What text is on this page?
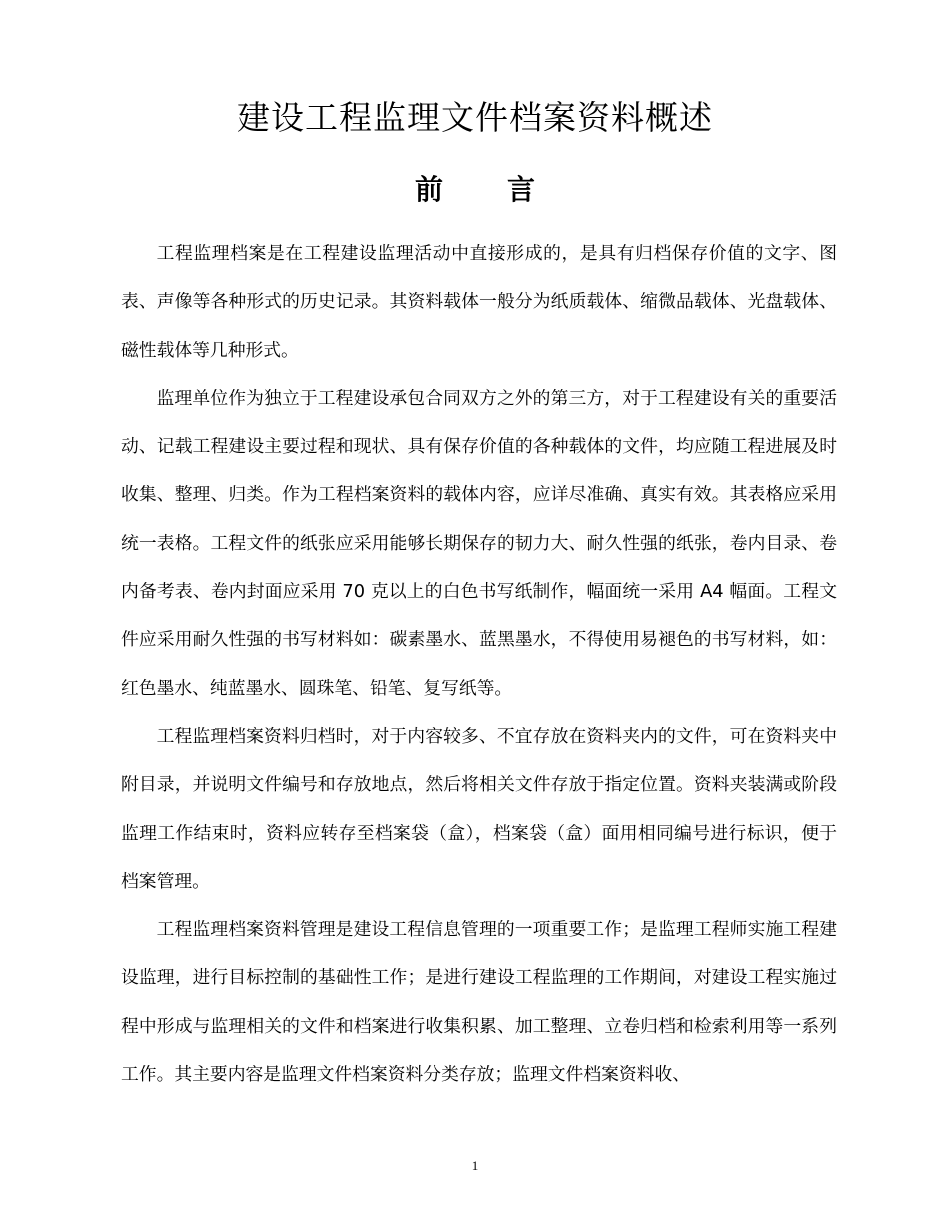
建设工程监理文件档案资料概述
前言

工程监理档案是在工程建设监理活动中直接形成的，是具有归档保存价值的文字、图表、声像等各种形式的历史记录。其资料载体一般分为纸质载体、缩微品载体、光盘载体、磁性载体等几种形式。

监理单位作为独立于工程建设承包合同双方之外的第三方，对于工程建设有关的重要活动、记载工程建设主要过程和现状、具有保存价值的各种载体的文件，均应随工程进展及时收集、整理、归类。作为工程档案资料的载体内容，应详尽准确、真实有效。其表格应采用统一表格。工程文件的纸张应采用能够长期保存的韧力大、耐久性强的纸张，卷内目录、卷内备考表、卷内封面应采用 70 克以上的白色书写纸制作，幅面统一采用 A4 幅面。工程文件应采用耐久性强的书写材料如：碳素墨水、蓝黑墨水，不得使用易褪色的书写材料，如：红色墨水、纯蓝墨水、圆珠笔、铅笔、复写纸等。

工程监理档案资料归档时，对于内容较多、不宜存放在资料夹内的文件，可在资料夹中附目录，并说明文件编号和存放地点，然后将相关文件存放于指定位置。资料夹装满或阶段监理工作结束时，资料应转存至档案袋（盒），档案袋（盒）面用相同编号进行标识，便于档案管理。

工程监理档案资料管理是建设工程信息管理的一项重要工作；是监理工程师实施工程建设监理，进行目标控制的基础性工作；是进行建设工程监理的工作期间，对建设工程实施过程中形成与监理相关的文件和档案进行收集积累、加工整理、立卷归档和检索利用等一系列工作。其主要内容是监理文件档案资料分类存放；监理文件档案资料收、

1
